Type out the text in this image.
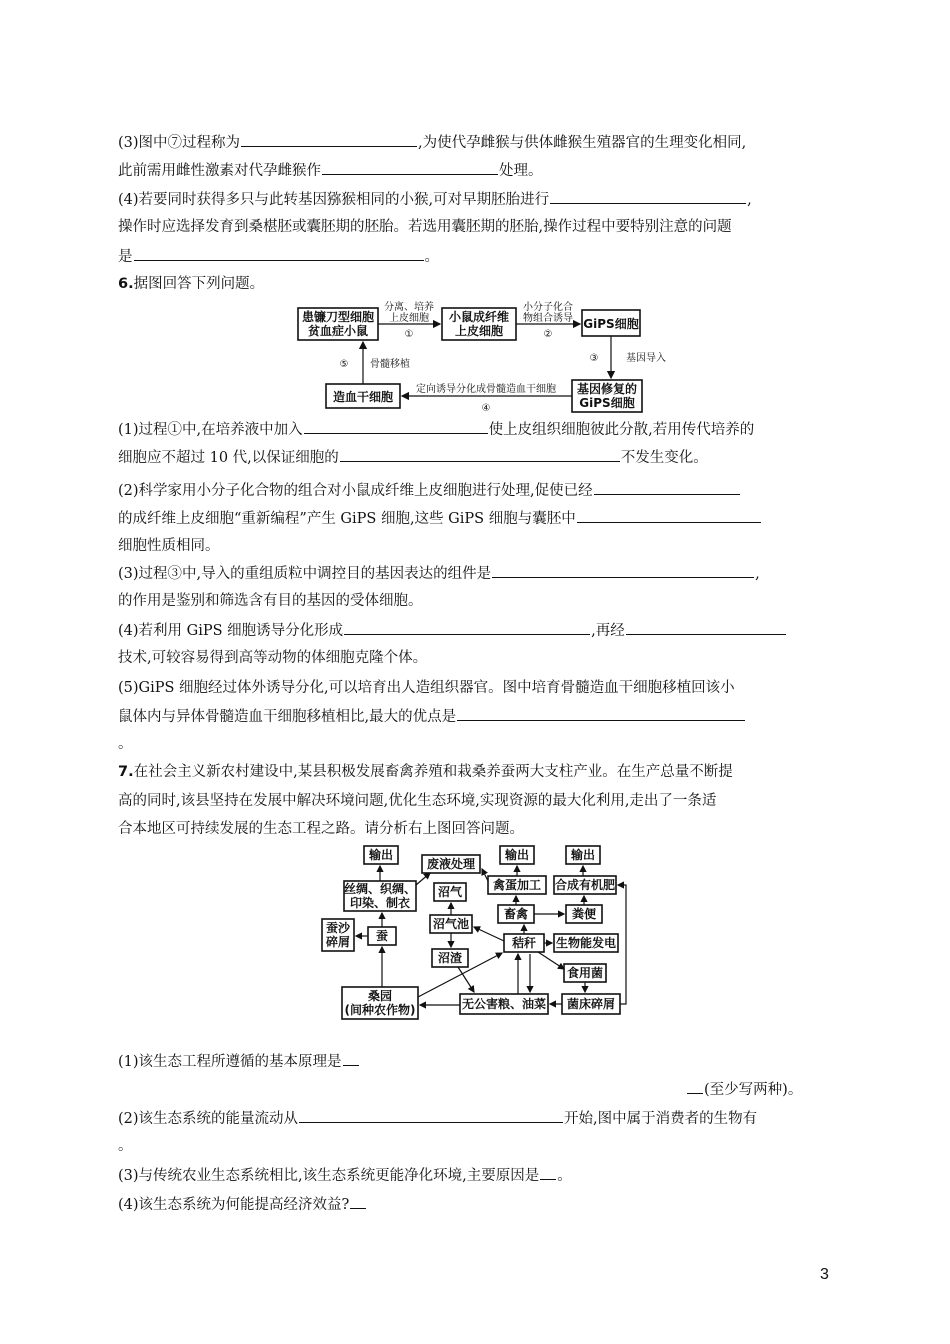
(3)图中⑦过程称为	,为使代孕雌猴与供体雌猴生殖器官的生理变化相同,
此前需用雌性激素对代孕雌猴作	处理。
(4)若要同时获得多只与此转基因猕猴相同的小猴,可对早期胚胎进行	,
操作时应选择发育到桑椹胚或囊胚期的胚胎。若选用囊胚期的胚胎,操作过程中要特别注意的问题
是	。
6.据图回答下列问题。
患镰刀型细胞
贫血症小鼠
小鼠成纤维
上皮细胞	GiPS细胞
基因修复的
GiPS细胞
造血干细胞
分离、培养
上皮细胞
①
小分子化合
物组合诱导
②
③	基因导入
定向诱导分化成骨髓造血干细胞
④
⑤ 骨髓移植
(1)过程①中,在培养液中加入	使上皮组织细胞彼此分散,若用传代培养的
细胞应不超过 10 代,以保证细胞的	不发生变化。
(2)科学家用小分子化合物的组合对小鼠成纤维上皮细胞进行处理,促使已经
的成纤维上皮细胞“重新编程”产生 GiPS 细胞,这些 GiPS 细胞与囊胚中
细胞性质相同。
(3)过程③中,导入的重组质粒中调控目的基因表达的组件是	,
的作用是鉴别和筛选含有目的基因的受体细胞。
(4)若利用 GiPS 细胞诱导分化形成	,再经
技术,可较容易得到高等动物的体细胞克隆个体。
(5)GiPS 细胞经过体外诱导分化,可以培育出人造组织器官。图中培育骨髓造血干细胞移植回该小
鼠体内与异体骨髓造血干细胞移植相比,最大的优点是
。
7.在社会主义新农村建设中,某县积极发展畜禽养殖和栽桑养蚕两大支柱产业。在生产总量不断提
高的同时,该县坚持在发展中解决环境问题,优化生态环境,实现资源的最大化利用,走出了一条适
合本地区可持续发展的生态工程之路。请分析右上图回答问题。
输出
废液处理
输出	输出
丝绸、织绸、
印染、制衣
沼气	禽蛋加工 合成有机肥
沼气池
畜禽	粪便
蚕沙
碎屑 蚕	秸秆 生物能发电
沼渣
食用菌
桑园
(间种农作物)	无公害粮、油菜 菌床碎屑
(1)该生态工程所遵循的基本原理是
(至少写两种)。
(2)该生态系统的能量流动从	开始,图中属于消费者的生物有
。
(3)与传统农业生态系统相比,该生态系统更能净化环境,主要原因是 。
(4)该生态系统为何能提高经济效益?
3
